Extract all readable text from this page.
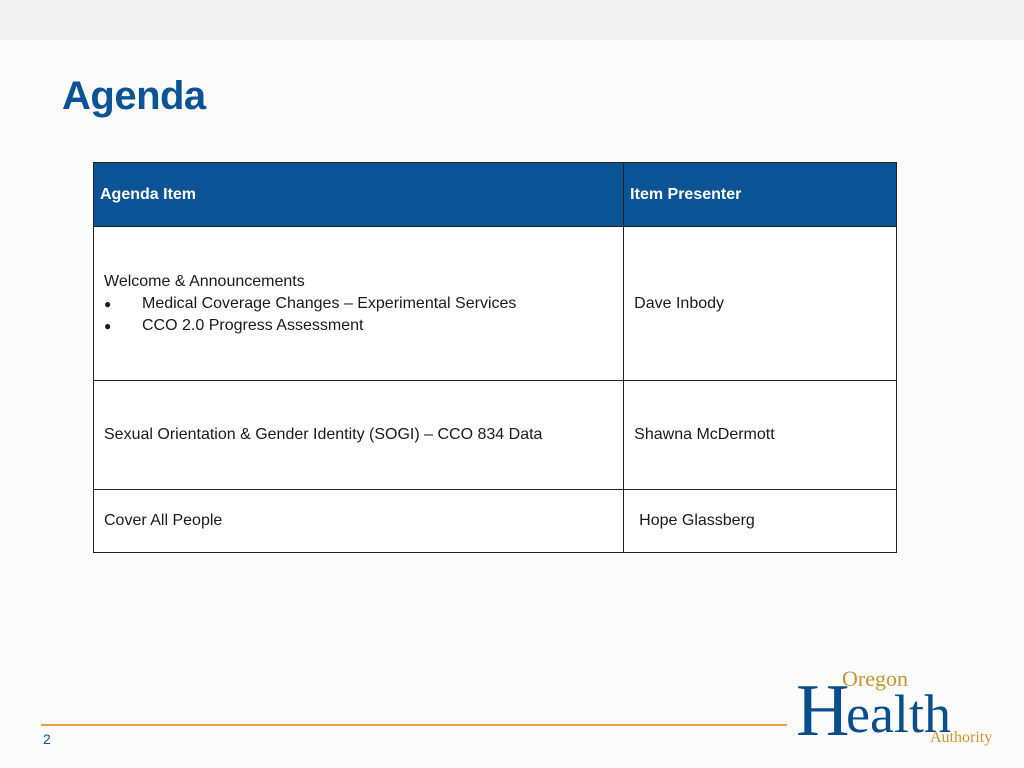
Agenda
Agenda Item	Item Presenter

Welcome & Announcements
● Medical Coverage Changes – Experimental Services
● CCO 2.0 Progress Assessment	Dave Inbody
Sexual Orientation & Gender Identity (SOGI) – CCO 834 Data	Shawna McDermott
Cover All People	Hope Glassberg
2	H
Oregon
ealth
Authority
